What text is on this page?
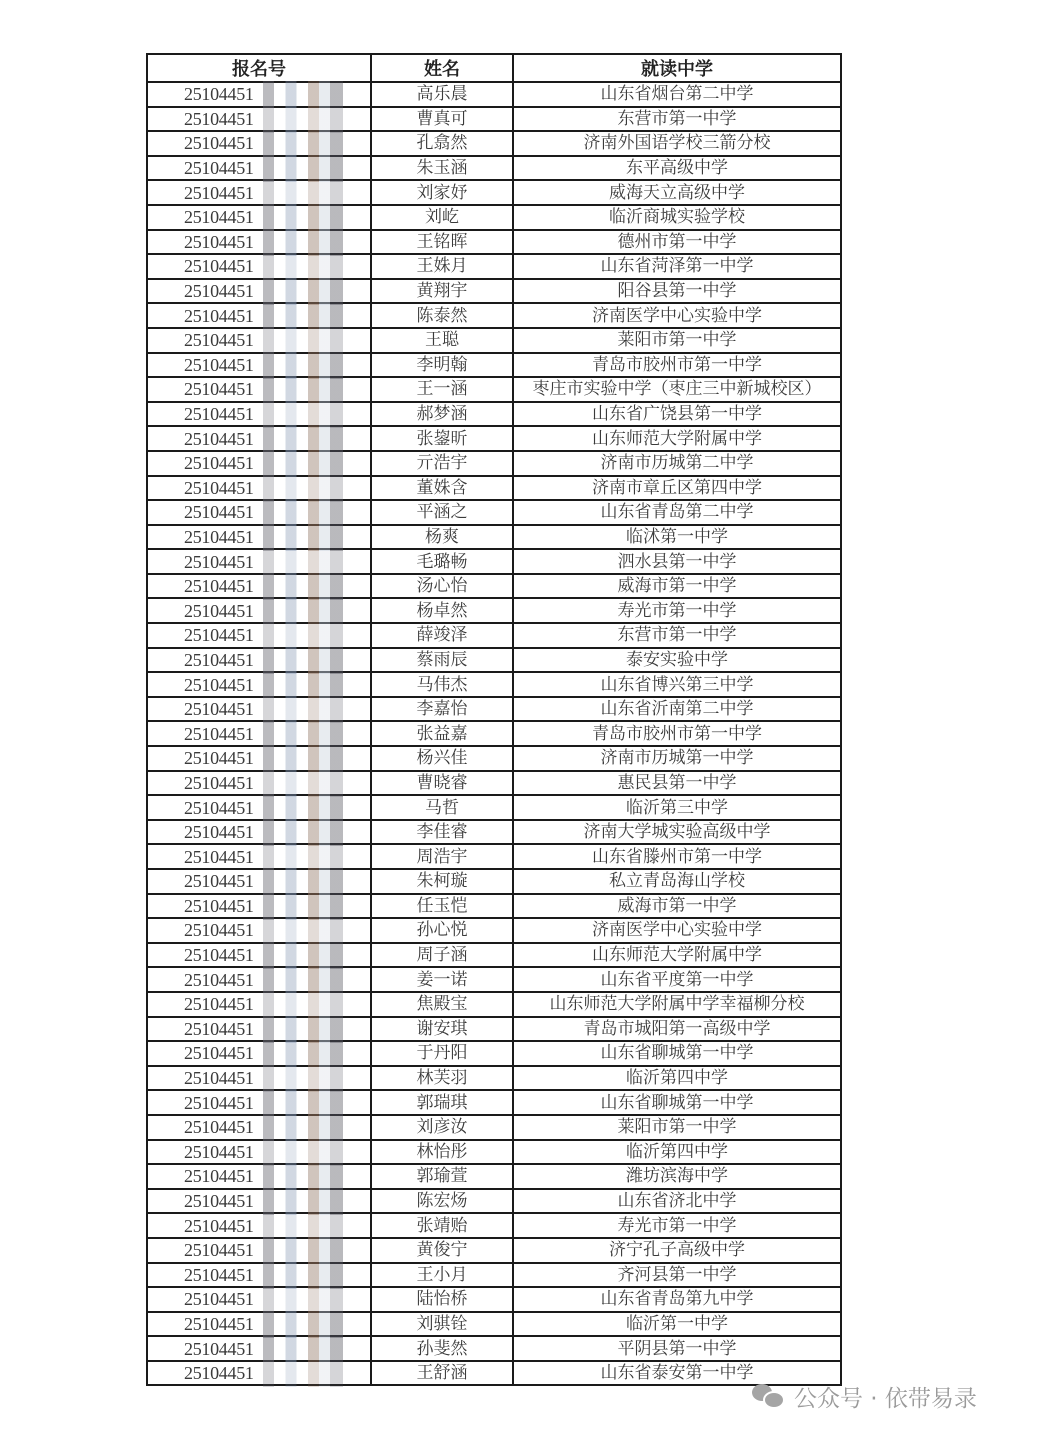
报名号	姓名	就读中学
25104451	高乐晨	山东省烟台第二中学
25104451	曹真可	东营市第一中学
25104451	孔翕然	济南外国语学校三箭分校
25104451	朱玉涵	东平高级中学
25104451	刘家妤	威海天立高级中学
25104451	刘屹	临沂商城实验学校
25104451	王铭晖	德州市第一中学
25104451	王姝月	山东省菏泽第一中学
25104451	黄翔宇	阳谷县第一中学
25104451	陈泰然	济南医学中心实验中学
25104451	王聪	莱阳市第一中学
25104451	李明翰	青岛市胶州市第一中学
25104451	王一涵	枣庄市实验中学（枣庄三中新城校区）
25104451	郝梦涵	山东省广饶县第一中学
25104451	张鋆昕	山东师范大学附属中学
25104451	亓浩宇	济南市历城第二中学
25104451	董姝含	济南市章丘区第四中学
25104451	平涵之	山东省青岛第二中学
25104451	杨爽	临沭第一中学
25104451	毛璐畅	泗水县第一中学
25104451	汤心怡	威海市第一中学
25104451	杨卓然	寿光市第一中学
25104451	薛竣泽	东营市第一中学
25104451	蔡雨辰	泰安实验中学
25104451	马伟杰	山东省博兴第三中学
25104451	李嘉怡	山东省沂南第二中学
25104451	张益嘉	青岛市胶州市第一中学
25104451	杨兴佳	济南市历城第一中学
25104451	曹晓睿	惠民县第一中学
25104451	马哲	临沂第三中学
25104451	李佳睿	济南大学城实验高级中学
25104451	周浩宇	山东省滕州市第一中学
25104451	朱柯璇	私立青岛海山学校
25104451	任玉恺	威海市第一中学
25104451	孙心悦	济南医学中心实验中学
25104451	周子涵	山东师范大学附属中学
25104451	姜一诺	山东省平度第一中学
25104451	焦殿宝	山东师范大学附属中学幸福柳分校
25104451	谢安琪	青岛市城阳第一高级中学
25104451	于丹阳	山东省聊城第一中学
25104451	林芙羽	临沂第四中学
25104451	郭瑞琪	山东省聊城第一中学
25104451	刘彦汝	莱阳市第一中学
25104451	林怡彤	临沂第四中学
25104451	郭瑜萱	潍坊滨海中学
25104451	陈宏炀	山东省济北中学
25104451	张靖贻	寿光市第一中学
25104451	黄俊宁	济宁孔子高级中学
25104451	王小月	齐河县第一中学
25104451	陆怡桥	山东省青岛第九中学
25104451	刘骐铨	临沂第一中学
25104451	孙斐然	平阴县第一中学
25104451	王舒涵	山东省泰安第一中学
公众号 · 依带易录
